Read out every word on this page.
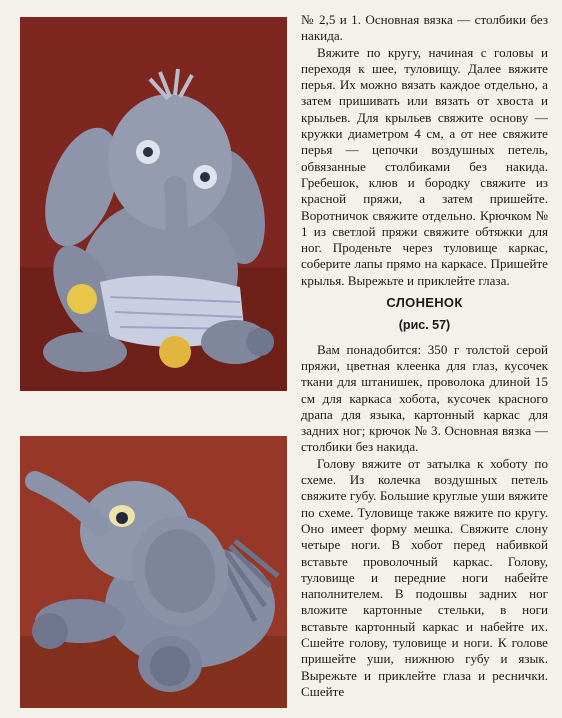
№ 2,5 и 1. Основная вязка — столбики без накида.

Вяжите по кругу, начиная с головы и переходя к шее, туловищу. Далее вяжите перья. Их можно вязать каждое отдельно, а затем пришивать или вязать от хвоста и крыльев. Для крыльев свяжите основу — кружки диаметром 4 см, а от нее свяжите перья — цепочки воздушных петель, обвязанные столбиками без накида. Гребешок, клюв и бородку свяжите из красной пряжи, а затем пришейте. Воротничок свяжите отдельно. Крючком № 1 из светлой пряжи свяжите обтяжки для ног. Проденьте через туловище каркас, соберите лапы прямо на каркасе. Пришейте крылья. Вырежьте и приклейте глаза.

СЛОНЕНОК
(рис. 57)

Вам понадобится: 350 г толстой серой пряжи, цветная клеенка для глаз, кусочек ткани для штанишек, проволока длиной 15 см для каркаса хобота, кусочек красного драпа для языка, картонный каркас для задних ног; крючок № 3. Основная вязка — столбики без накида.

Голову вяжите от затылка к хоботу по схеме. Из колечка воздушных петель свяжите губу. Большие круглые уши вяжите по схеме. Туловище также вяжите по кругу. Оно имеет форму мешка. Свяжите слону четыре ноги. В хобот перед набивкой вставьте проволочный каркас. Голову, туловище и передние ноги набейте наполнителем. В подошвы задних ног вложите картонные стельки, в ноги вставьте картонный каркас и набейте их. Сшейте голову, туловище и ноги. К голове пришейте уши, нижнюю губу и язык. Вырежьте и приклейте глаза и реснички. Сшейте
